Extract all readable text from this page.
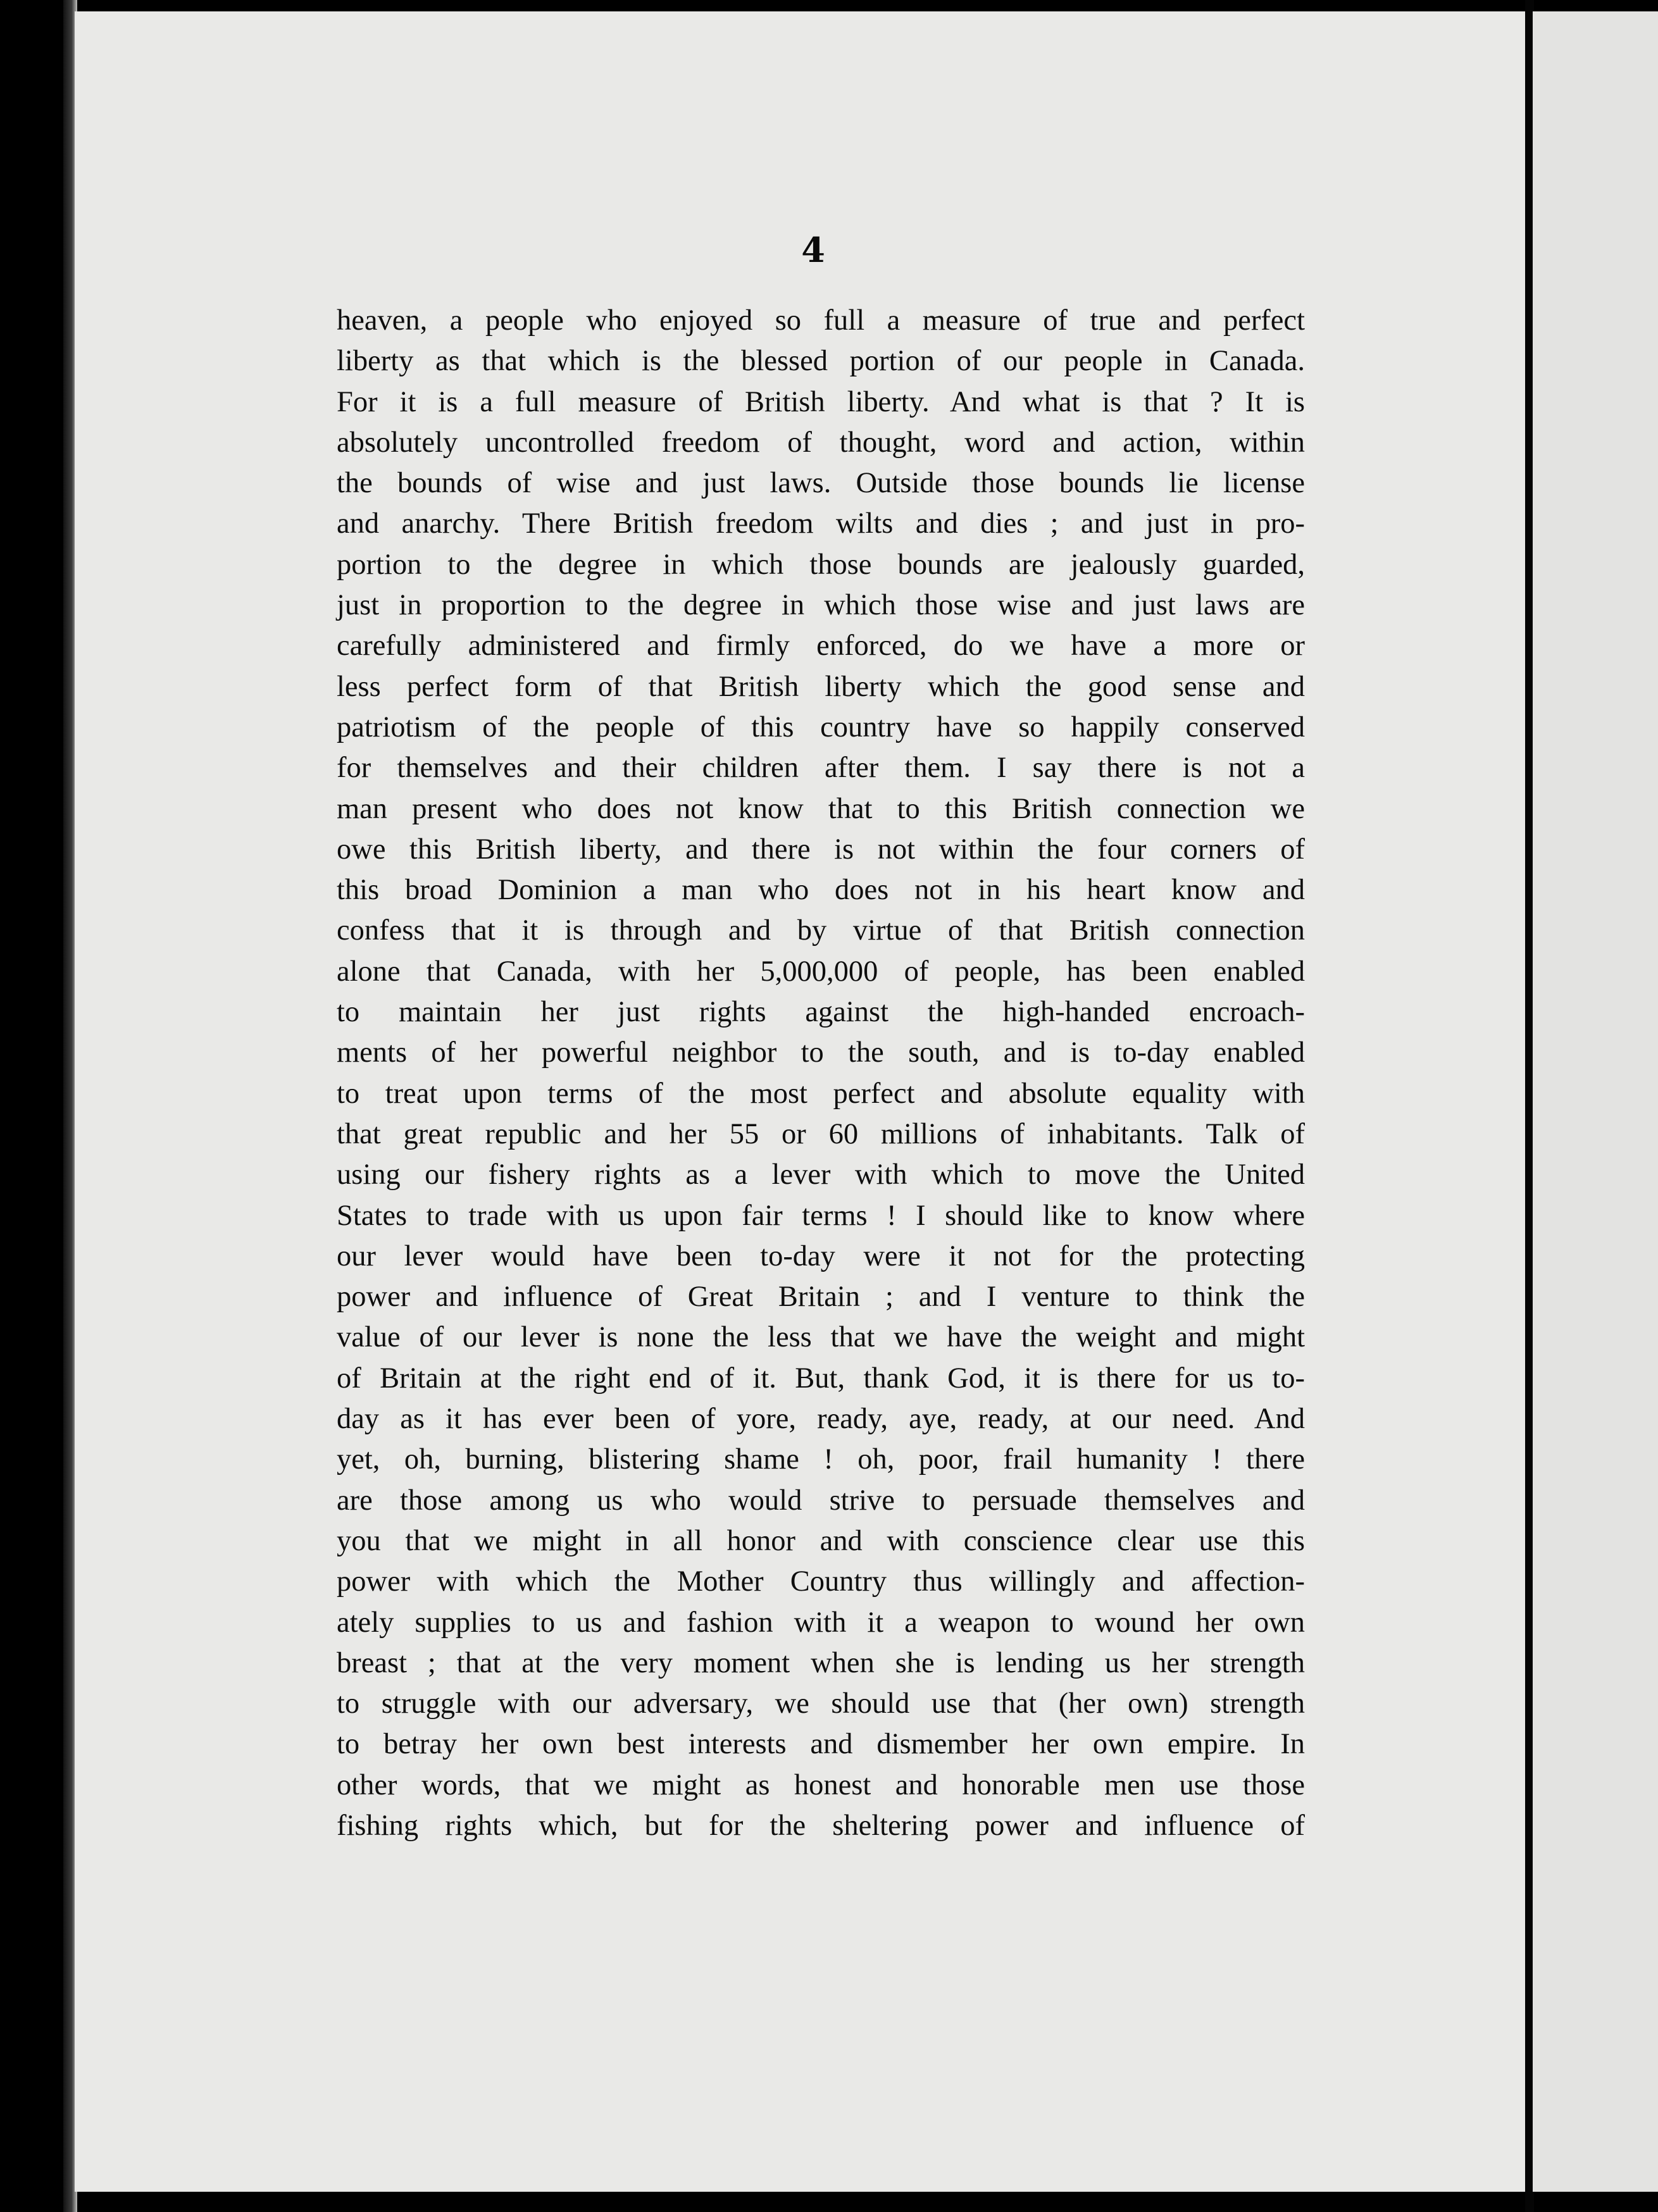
4
heaven, a people who enjoyed so full a measure of true and perfect
liberty as that which is the blessed portion of our people in Canada.
For it is a full measure of British liberty. And what is that ? It is
absolutely uncontrolled freedom of thought, word and action, within
the bounds of wise and just laws. Outside those bounds lie license
and anarchy. There British freedom wilts and dies ; and just in pro-
portion to the degree in which those bounds are jealously guarded,
just in proportion to the degree in which those wise and just laws are
carefully administered and firmly enforced, do we have a more or
less perfect form of that British liberty which the good sense and
patriotism of the people of this country have so happily conserved
for themselves and their children after them. I say there is not a
man present who does not know that to this British connection we
owe this British liberty, and there is not within the four corners of
this broad Dominion a man who does not in his heart know and
confess that it is through and by virtue of that British connection
alone that Canada, with her 5,000,000 of people, has been enabled
to maintain her just rights against the high-handed encroach-
ments of her powerful neighbor to the south, and is to-day enabled
to treat upon terms of the most perfect and absolute equality with
that great republic and her 55 or 60 millions of inhabitants. Talk of
using our fishery rights as a lever with which to move the United
States to trade with us upon fair terms ! I should like to know where
our lever would have been to-day were it not for the protecting
power and influence of Great Britain ; and I venture to think the
value of our lever is none the less that we have the weight and might
of Britain at the right end of it. But, thank God, it is there for us to-
day as it has ever been of yore, ready, aye, ready, at our need. And
yet, oh, burning, blistering shame ! oh, poor, frail humanity ! there
are those among us who would strive to persuade themselves and
you that we might in all honor and with conscience clear use this
power with which the Mother Country thus willingly and affection-
ately supplies to us and fashion with it a weapon to wound her own
breast ; that at the very moment when she is lending us her strength
to struggle with our adversary, we should use that (her own) strength
to betray her own best interests and dismember her own empire. In
other words, that we might as honest and honorable men use those
fishing rights which, but for the sheltering power and influence of
